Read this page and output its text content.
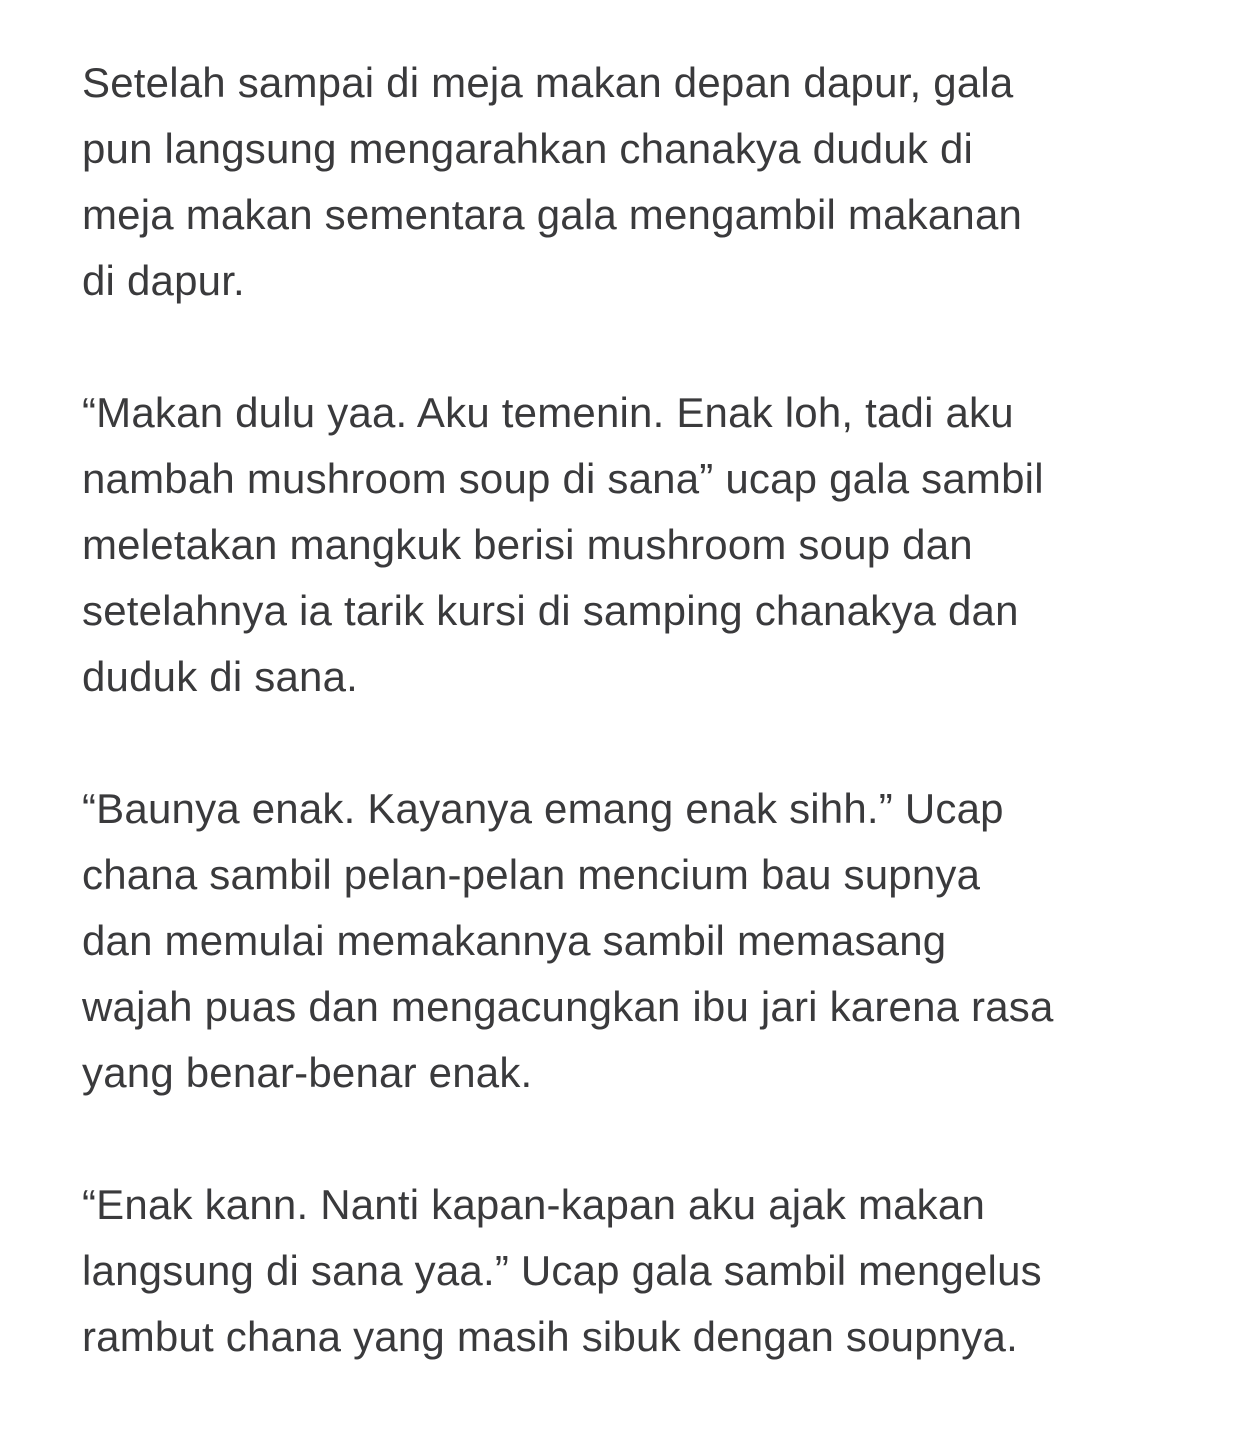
Setelah sampai di meja makan depan dapur, gala
pun langsung mengarahkan chanakya duduk di
meja makan sementara gala mengambil makanan
di dapur.

“Makan dulu yaa. Aku temenin. Enak loh, tadi aku
nambah mushroom soup di sana” ucap gala sambil
meletakan mangkuk berisi mushroom soup dan
setelahnya ia tarik kursi di samping chanakya dan
duduk di sana.

“Baunya enak. Kayanya emang enak sihh.” Ucap
chana sambil pelan-pelan mencium bau supnya
dan memulai memakannya sambil memasang
wajah puas dan mengacungkan ibu jari karena rasa
yang benar-benar enak.

“Enak kann. Nanti kapan-kapan aku ajak makan
langsung di sana yaa.” Ucap gala sambil mengelus
rambut chana yang masih sibuk dengan soupnya.
